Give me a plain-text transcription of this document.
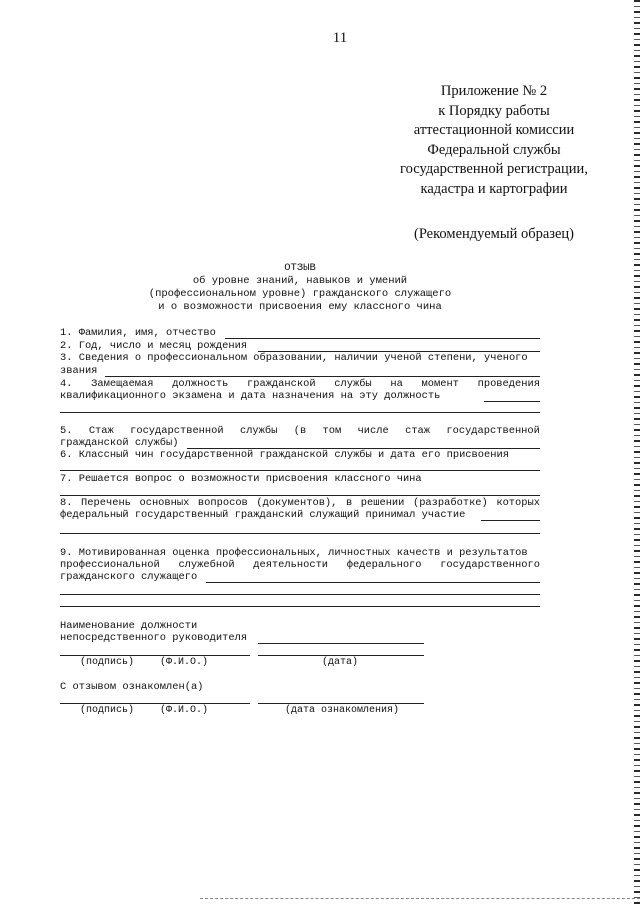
11
Приложение № 2
к Порядку работы
аттестационной комиссии
Федеральной службы
государственной регистрации,
кадастра и картографии
(Рекомендуемый образец)
ОТЗЫВ
об уровне знаний, навыков и умений
(профессиональном уровне) гражданского служащего
и о возможности присвоения ему классного чина
1. Фамилия, имя, отчество
2. Год, число и месяц рождения
3. Сведения о профессиональном образовании, наличии ученой степени, ученого
звания
4. Замещаемая должность гражданской службы на момент проведения
квалификационного экзамена и дата назначения на эту должность
5. Стаж государственной службы (в том числе стаж государственной
гражданской службы)
6. Классный чин государственной гражданской службы и дата его присвоения
7. Решается вопрос о возможности присвоения классного чина
8. Перечень основных вопросов (документов), в решении (разработке) которых
федеральный государственный гражданский служащий принимал участие
9. Мотивированная оценка профессиональных, личностных качеств и результатов
профессиональной служебной деятельности федерального государственного
гражданского служащего
Наименование должности
непосредственного руководителя
(подпись)	(Ф.И.О.)	(дата)
С отзывом ознакомлен(а)
(подпись)	(Ф.И.О.)	(дата ознакомления)
